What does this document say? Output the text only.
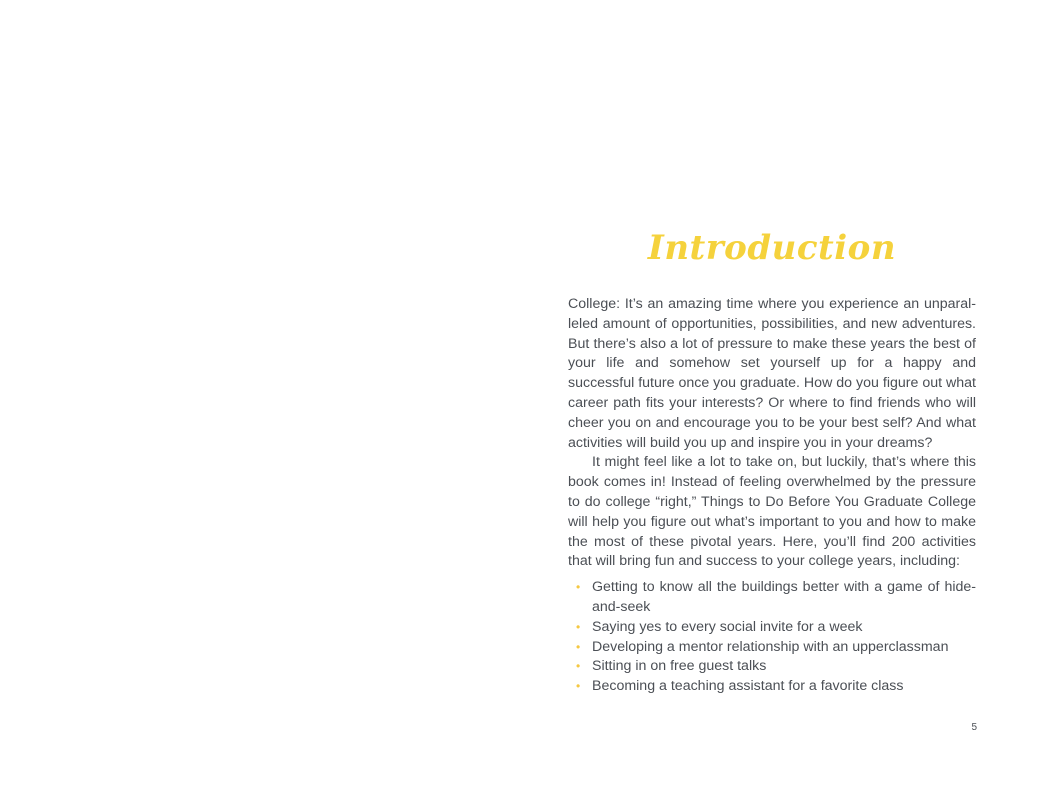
Introduction

College: It’s an amazing time where you experience an unparal- leled amount of opportunities, possibilities, and new adventures. But there’s also a lot of pressure to make these years the best of your life and somehow set yourself up for a happy and successful future once you graduate. How do you figure out what career path fits your interests? Or where to find friends who will cheer you on and encourage you to be your best self? And what activities will build you up and inspire you in your dreams?

It might feel like a lot to take on, but luckily, that’s where this book comes in! Instead of feeling overwhelmed by the pressure to do college “right,” Things to Do Before You Graduate College will help you figure out what’s important to you and how to make the most of these pivotal years. Here, you’ll find 200 activities that will bring fun and success to your college years, including:

• Getting to know all the buildings better with a game of hide- and-seek
• Saying yes to every social invite for a week
• Developing a mentor relationship with an upperclassman
• Sitting in on free guest talks
• Becoming a teaching assistant for a favorite class
5
